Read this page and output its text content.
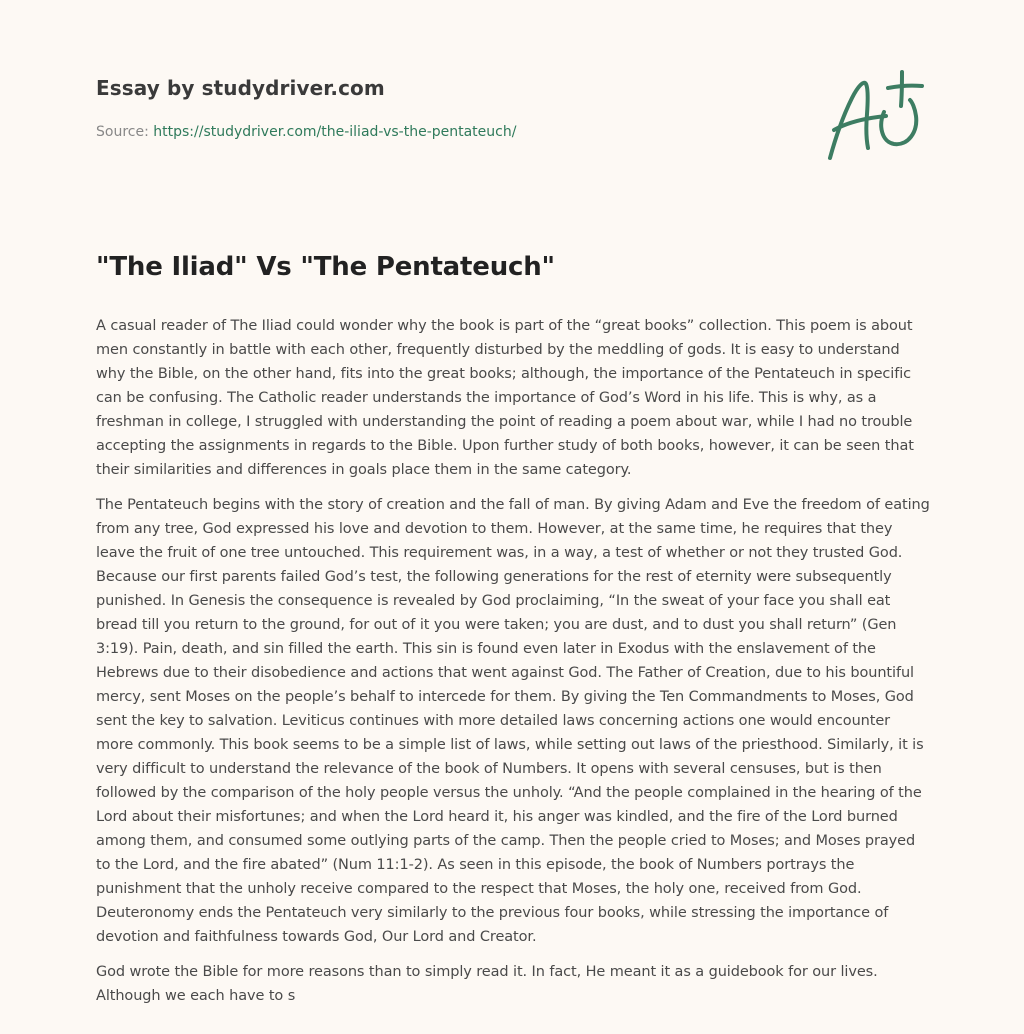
Essay by studydriver.com
Source: https://studydriver.com/the-iliad-vs-the-pentateuch/
"The Iliad" Vs "The Pentateuch"

A casual reader of The Iliad could wonder why the book is part of the “great books” collection. This poem is about men constantly in battle with each other, frequently disturbed by the meddling of gods. It is easy to understand why the Bible, on the other hand, fits into the great books; although, the importance of the Pentateuch in specific can be confusing. The Catholic reader understands the importance of God’s Word in his life. This is why, as a freshman in college, I struggled with understanding the point of reading a poem about war, while I had no trouble accepting the assignments in regards to the Bible. Upon further study of both books, however, it can be seen that their similarities and differences in goals place them in the same category.

The Pentateuch begins with the story of creation and the fall of man. By giving Adam and Eve the freedom of eating from any tree, God expressed his love and devotion to them. However, at the same time, he requires that they leave the fruit of one tree untouched. This requirement was, in a way, a test of whether or not they trusted God. Because our first parents failed God’s test, the following generations for the rest of eternity were subsequently punished. In Genesis the consequence is revealed by God proclaiming, “In the sweat of your face you shall eat bread till you return to the ground, for out of it you were taken; you are dust, and to dust you shall return” (Gen 3:19). Pain, death, and sin filled the earth. This sin is found even later in Exodus with the enslavement of the Hebrews due to their disobedience and actions that went against God. The Father of Creation, due to his bountiful mercy, sent Moses on the people’s behalf to intercede for them. By giving the Ten Commandments to Moses, God sent the key to salvation. Leviticus continues with more detailed laws concerning actions one would encounter more commonly. This book seems to be a simple list of laws, while setting out laws of the priesthood. Similarly, it is very difficult to understand the relevance of the book of Numbers. It opens with several censuses, but is then followed by the comparison of the holy people versus the unholy. “And the people complained in the hearing of the Lord about their misfortunes; and when the Lord heard it, his anger was kindled, and the fire of the Lord burned among them, and consumed some outlying parts of the camp. Then the people cried to Moses; and Moses prayed to the Lord, and the fire abated” (Num 11:1-2). As seen in this episode, the book of Numbers portrays the punishment that the unholy receive compared to the respect that Moses, the holy one, received from God. Deuteronomy ends the Pentateuch very similarly to the previous four books, while stressing the importance of devotion and faithfulness towards God, Our Lord and Creator.

God wrote the Bible for more reasons than to simply read it. In fact, He meant it as a guidebook for our lives. Although we each have to s
